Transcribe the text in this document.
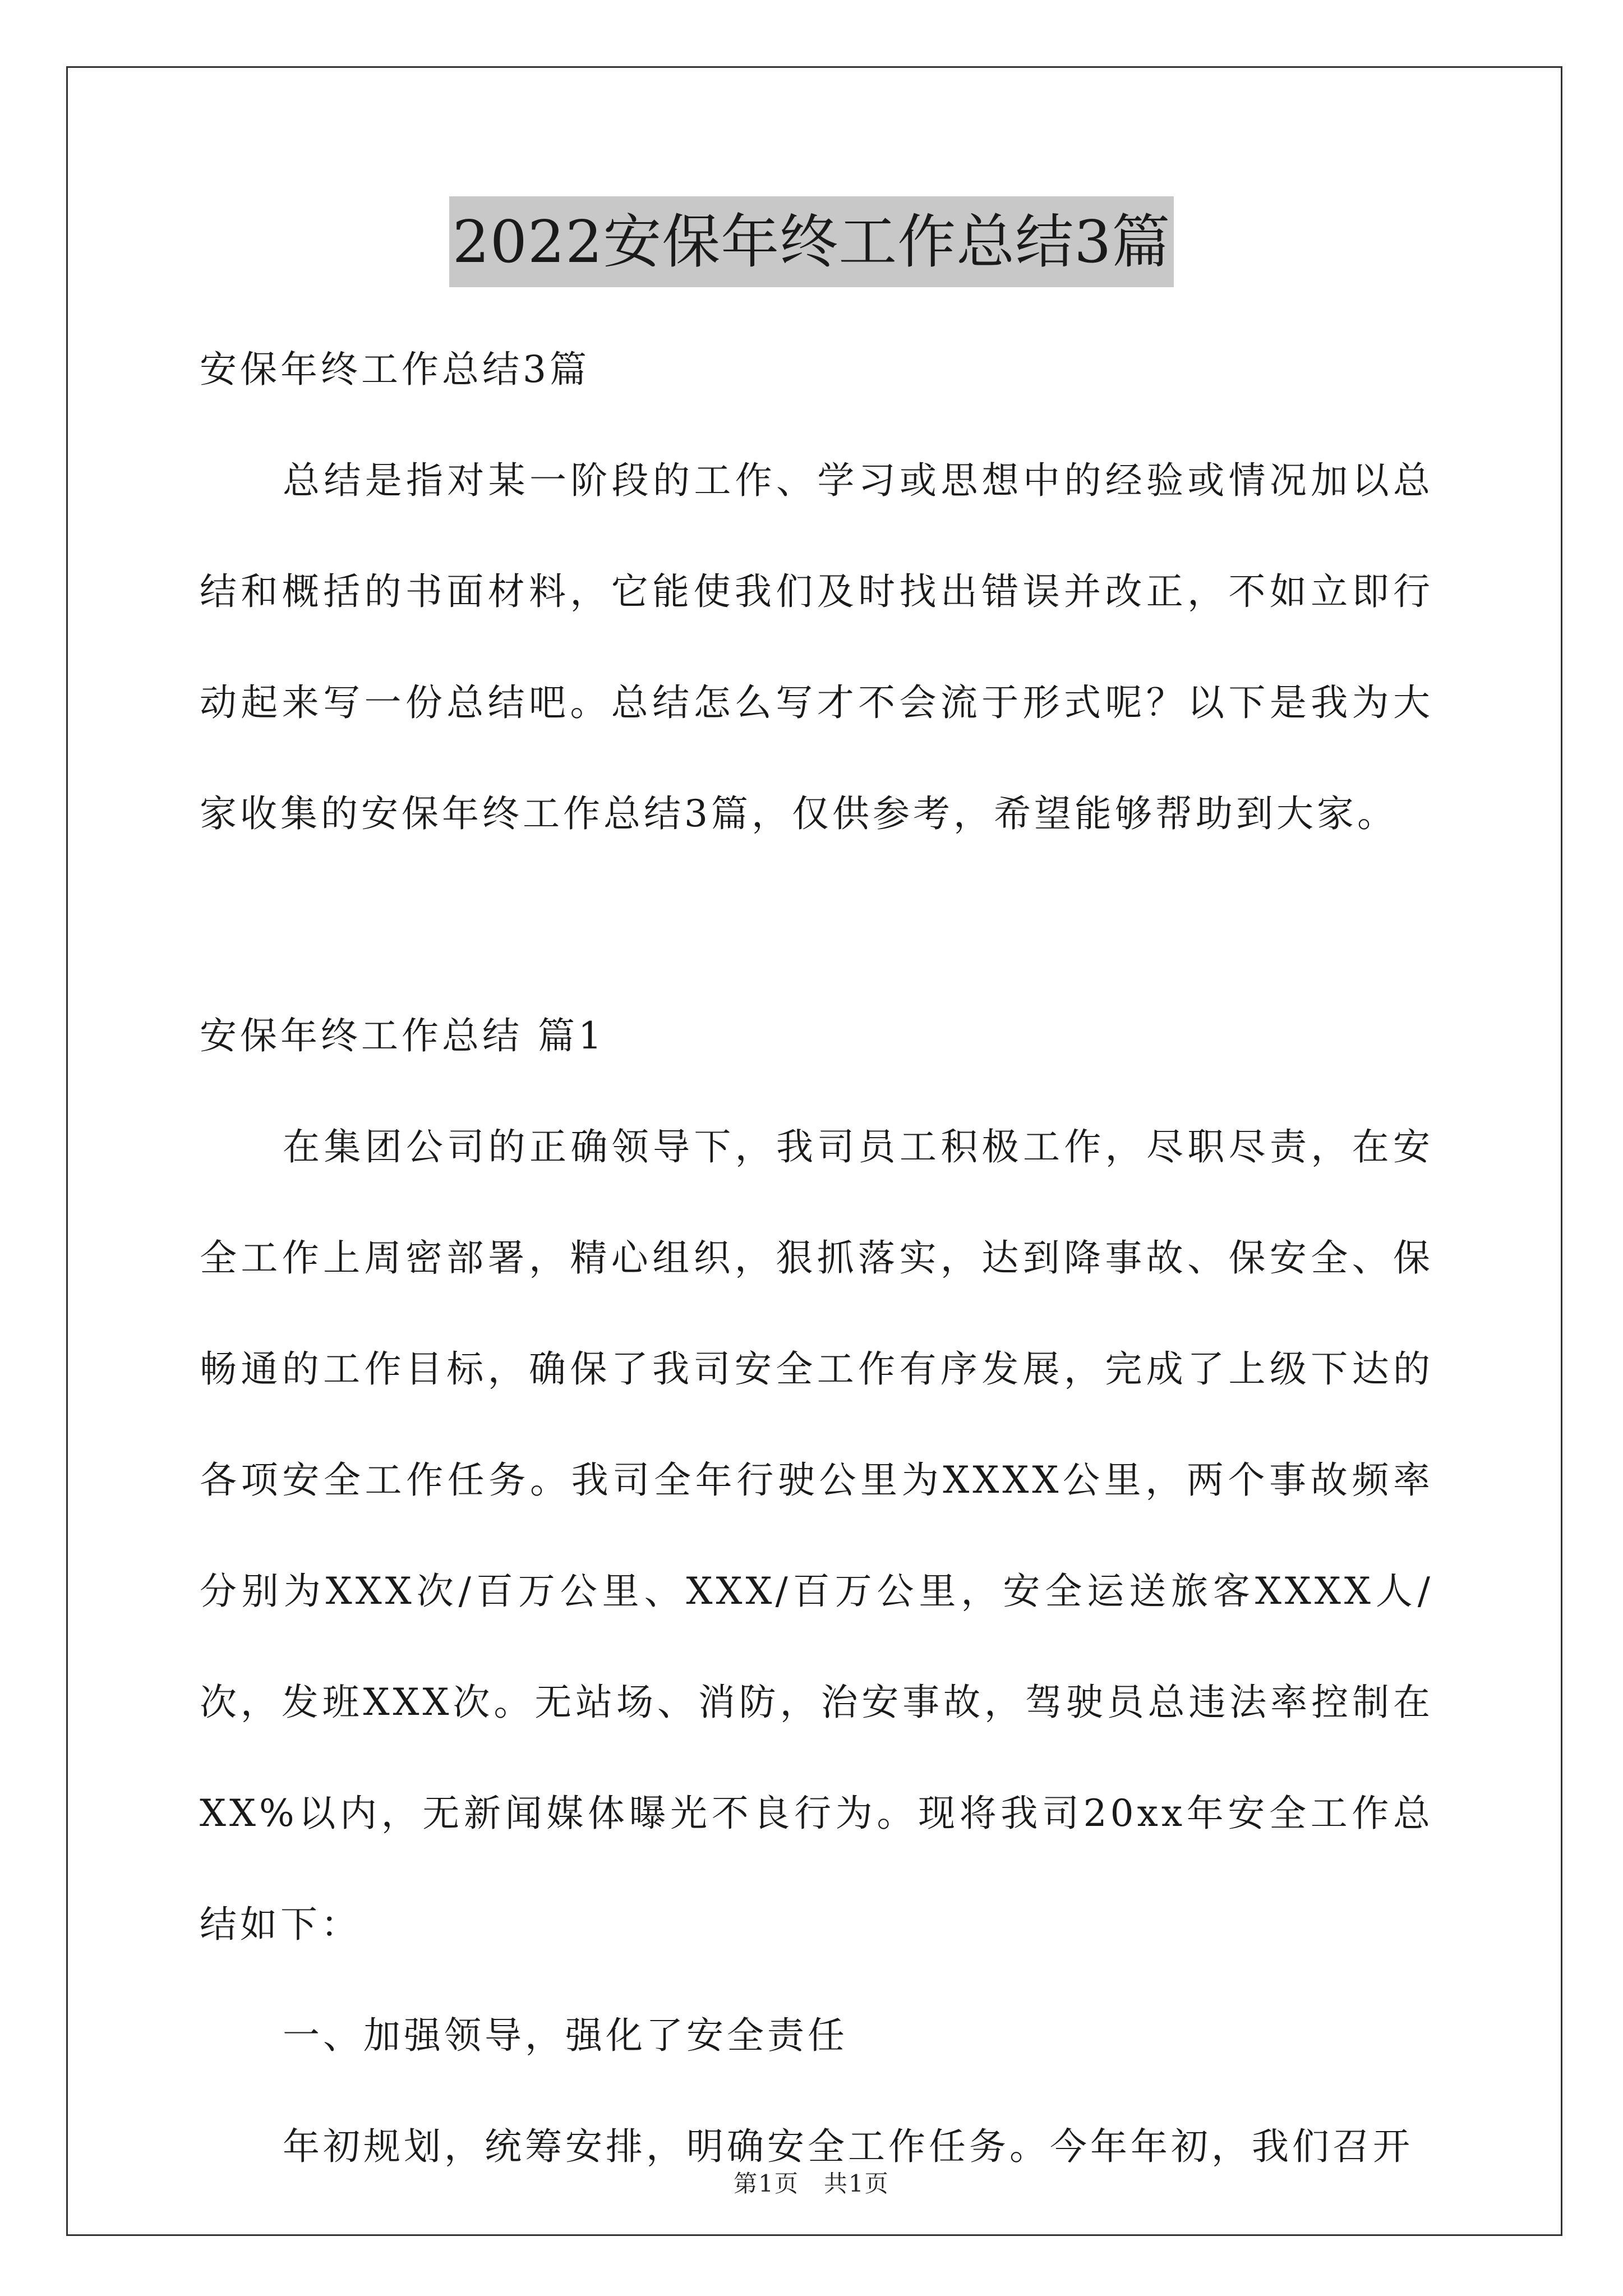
2022安保年终工作总结3篇

安保年终工作总结3篇

总结是指对某一阶段的工作、学习或思想中的经验或情况加以总结和概括的书面材料，它能使我们及时找出错误并改正，不如立即行动起来写一份总结吧。总结怎么写才不会流于形式呢？以下是我为大家收集的安保年终工作总结3篇，仅供参考，希望能够帮助到大家。

安保年终工作总结 篇1

在集团公司的正确领导下，我司员工积极工作，尽职尽责，在安全工作上周密部署，精心组织，狠抓落实，达到降事故、保安全、保畅通的工作目标，确保了我司安全工作有序发展，完成了上级下达的各项安全工作任务。我司全年行驶公里为XXXX公里，两个事故频率分别为XXX次/百万公里、XXX/百万公里，安全运送旅客XXXX人/次，发班XXX次。无站场、消防，治安事故，驾驶员总违法率控制在XX%以内，无新闻媒体曝光不良行为。现将我司20xx年安全工作总结如下：

一、加强领导，强化了安全责任

年初规划，统筹安排，明确安全工作任务。今年年初，我们召开

第1页　共1页
